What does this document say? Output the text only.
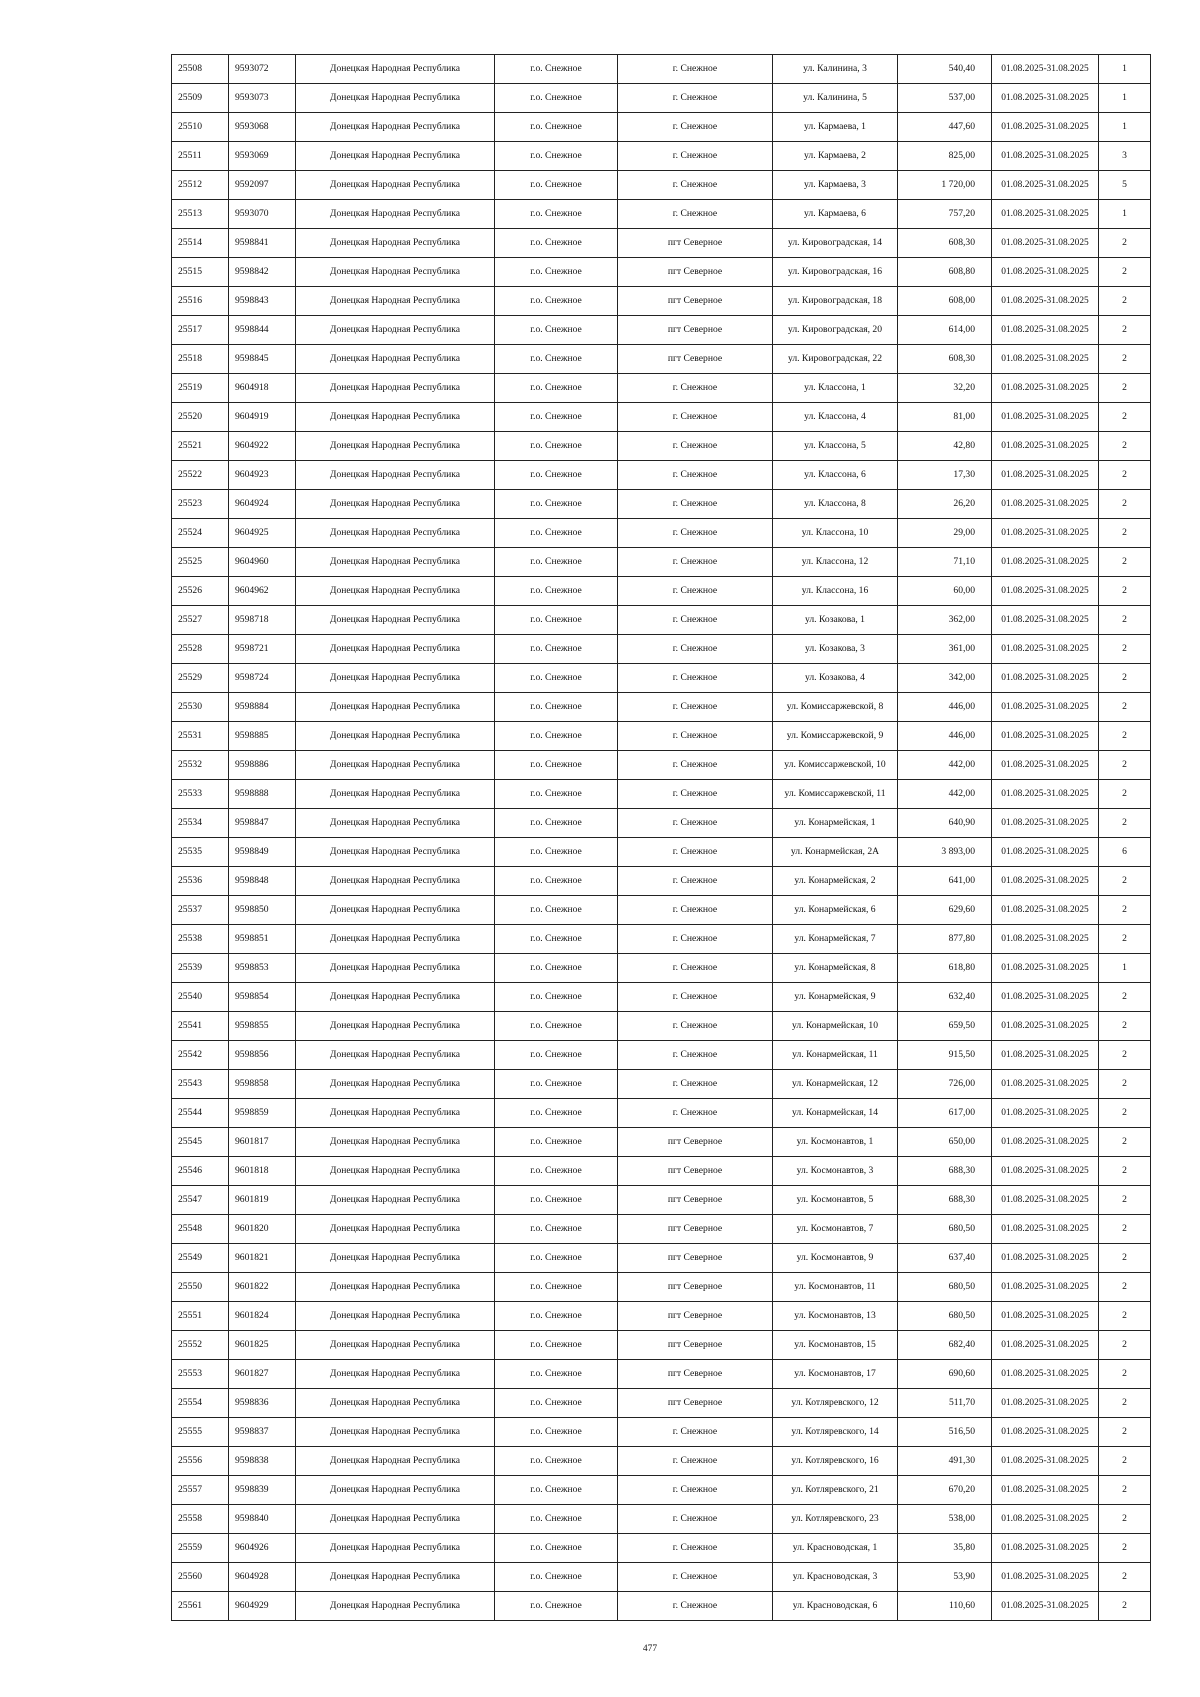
25508	9593072	Донецкая Народная Республика	г.о. Снежное	г. Снежное	ул. Калинина, 3	540,40	01.08.2025-31.08.2025	1
25509	9593073	Донецкая Народная Республика	г.о. Снежное	г. Снежное	ул. Калинина, 5	537,00	01.08.2025-31.08.2025	1
25510	9593068	Донецкая Народная Республика	г.о. Снежное	г. Снежное	ул. Кармаева, 1	447,60	01.08.2025-31.08.2025	1
25511	9593069	Донецкая Народная Республика	г.о. Снежное	г. Снежное	ул. Кармаева, 2	825,00	01.08.2025-31.08.2025	3
25512	9592097	Донецкая Народная Республика	г.о. Снежное	г. Снежное	ул. Кармаева, 3	1 720,00	01.08.2025-31.08.2025	5
25513	9593070	Донецкая Народная Республика	г.о. Снежное	г. Снежное	ул. Кармаева, 6	757,20	01.08.2025-31.08.2025	1
25514	9598841	Донецкая Народная Республика	г.о. Снежное	пгт Северное	ул. Кировоградская, 14	608,30	01.08.2025-31.08.2025	2
25515	9598842	Донецкая Народная Республика	г.о. Снежное	пгт Северное	ул. Кировоградская, 16	608,80	01.08.2025-31.08.2025	2
25516	9598843	Донецкая Народная Республика	г.о. Снежное	пгт Северное	ул. Кировоградская, 18	608,00	01.08.2025-31.08.2025	2
25517	9598844	Донецкая Народная Республика	г.о. Снежное	пгт Северное	ул. Кировоградская, 20	614,00	01.08.2025-31.08.2025	2
25518	9598845	Донецкая Народная Республика	г.о. Снежное	пгт Северное	ул. Кировоградская, 22	608,30	01.08.2025-31.08.2025	2
25519	9604918	Донецкая Народная Республика	г.о. Снежное	г. Снежное	ул. Классона, 1	32,20	01.08.2025-31.08.2025	2
25520	9604919	Донецкая Народная Республика	г.о. Снежное	г. Снежное	ул. Классона, 4	81,00	01.08.2025-31.08.2025	2
25521	9604922	Донецкая Народная Республика	г.о. Снежное	г. Снежное	ул. Классона, 5	42,80	01.08.2025-31.08.2025	2
25522	9604923	Донецкая Народная Республика	г.о. Снежное	г. Снежное	ул. Классона, 6	17,30	01.08.2025-31.08.2025	2
25523	9604924	Донецкая Народная Республика	г.о. Снежное	г. Снежное	ул. Классона, 8	26,20	01.08.2025-31.08.2025	2
25524	9604925	Донецкая Народная Республика	г.о. Снежное	г. Снежное	ул. Классона, 10	29,00	01.08.2025-31.08.2025	2
25525	9604960	Донецкая Народная Республика	г.о. Снежное	г. Снежное	ул. Классона, 12	71,10	01.08.2025-31.08.2025	2
25526	9604962	Донецкая Народная Республика	г.о. Снежное	г. Снежное	ул. Классона, 16	60,00	01.08.2025-31.08.2025	2
25527	9598718	Донецкая Народная Республика	г.о. Снежное	г. Снежное	ул. Козакова, 1	362,00	01.08.2025-31.08.2025	2
25528	9598721	Донецкая Народная Республика	г.о. Снежное	г. Снежное	ул. Козакова, 3	361,00	01.08.2025-31.08.2025	2
25529	9598724	Донецкая Народная Республика	г.о. Снежное	г. Снежное	ул. Козакова, 4	342,00	01.08.2025-31.08.2025	2
25530	9598884	Донецкая Народная Республика	г.о. Снежное	г. Снежное	ул. Комиссаржевской, 8	446,00	01.08.2025-31.08.2025	2
25531	9598885	Донецкая Народная Республика	г.о. Снежное	г. Снежное	ул. Комиссаржевской, 9	446,00	01.08.2025-31.08.2025	2
25532	9598886	Донецкая Народная Республика	г.о. Снежное	г. Снежное	ул. Комиссаржевской, 10	442,00	01.08.2025-31.08.2025	2
25533	9598888	Донецкая Народная Республика	г.о. Снежное	г. Снежное	ул. Комиссаржевской, 11	442,00	01.08.2025-31.08.2025	2
25534	9598847	Донецкая Народная Республика	г.о. Снежное	г. Снежное	ул. Конармейская, 1	640,90	01.08.2025-31.08.2025	2
25535	9598849	Донецкая Народная Республика	г.о. Снежное	г. Снежное	ул. Конармейская, 2А	3 893,00	01.08.2025-31.08.2025	6
25536	9598848	Донецкая Народная Республика	г.о. Снежное	г. Снежное	ул. Конармейская, 2	641,00	01.08.2025-31.08.2025	2
25537	9598850	Донецкая Народная Республика	г.о. Снежное	г. Снежное	ул. Конармейская, 6	629,60	01.08.2025-31.08.2025	2
25538	9598851	Донецкая Народная Республика	г.о. Снежное	г. Снежное	ул. Конармейская, 7	877,80	01.08.2025-31.08.2025	2
25539	9598853	Донецкая Народная Республика	г.о. Снежное	г. Снежное	ул. Конармейская, 8	618,80	01.08.2025-31.08.2025	1
25540	9598854	Донецкая Народная Республика	г.о. Снежное	г. Снежное	ул. Конармейская, 9	632,40	01.08.2025-31.08.2025	2
25541	9598855	Донецкая Народная Республика	г.о. Снежное	г. Снежное	ул. Конармейская, 10	659,50	01.08.2025-31.08.2025	2
25542	9598856	Донецкая Народная Республика	г.о. Снежное	г. Снежное	ул. Конармейская, 11	915,50	01.08.2025-31.08.2025	2
25543	9598858	Донецкая Народная Республика	г.о. Снежное	г. Снежное	ул. Конармейская, 12	726,00	01.08.2025-31.08.2025	2
25544	9598859	Донецкая Народная Республика	г.о. Снежное	г. Снежное	ул. Конармейская, 14	617,00	01.08.2025-31.08.2025	2
25545	9601817	Донецкая Народная Республика	г.о. Снежное	пгт Северное	ул. Космонавтов, 1	650,00	01.08.2025-31.08.2025	2
25546	9601818	Донецкая Народная Республика	г.о. Снежное	пгт Северное	ул. Космонавтов, 3	688,30	01.08.2025-31.08.2025	2
25547	9601819	Донецкая Народная Республика	г.о. Снежное	пгт Северное	ул. Космонавтов, 5	688,30	01.08.2025-31.08.2025	2
25548	9601820	Донецкая Народная Республика	г.о. Снежное	пгт Северное	ул. Космонавтов, 7	680,50	01.08.2025-31.08.2025	2
25549	9601821	Донецкая Народная Республика	г.о. Снежное	пгт Северное	ул. Космонавтов, 9	637,40	01.08.2025-31.08.2025	2
25550	9601822	Донецкая Народная Республика	г.о. Снежное	пгт Северное	ул. Космонавтов, 11	680,50	01.08.2025-31.08.2025	2
25551	9601824	Донецкая Народная Республика	г.о. Снежное	пгт Северное	ул. Космонавтов, 13	680,50	01.08.2025-31.08.2025	2
25552	9601825	Донецкая Народная Республика	г.о. Снежное	пгт Северное	ул. Космонавтов, 15	682,40	01.08.2025-31.08.2025	2
25553	9601827	Донецкая Народная Республика	г.о. Снежное	пгт Северное	ул. Космонавтов, 17	690,60	01.08.2025-31.08.2025	2
25554	9598836	Донецкая Народная Республика	г.о. Снежное	пгт Северное	ул. Котляревского, 12	511,70	01.08.2025-31.08.2025	2
25555	9598837	Донецкая Народная Республика	г.о. Снежное	г. Снежное	ул. Котляревского, 14	516,50	01.08.2025-31.08.2025	2
25556	9598838	Донецкая Народная Республика	г.о. Снежное	г. Снежное	ул. Котляревского, 16	491,30	01.08.2025-31.08.2025	2
25557	9598839	Донецкая Народная Республика	г.о. Снежное	г. Снежное	ул. Котляревского, 21	670,20	01.08.2025-31.08.2025	2
25558	9598840	Донецкая Народная Республика	г.о. Снежное	г. Снежное	ул. Котляревского, 23	538,00	01.08.2025-31.08.2025	2
25559	9604926	Донецкая Народная Республика	г.о. Снежное	г. Снежное	ул. Красноводская, 1	35,80	01.08.2025-31.08.2025	2
25560	9604928	Донецкая Народная Республика	г.о. Снежное	г. Снежное	ул. Красноводская, 3	53,90	01.08.2025-31.08.2025	2
25561	9604929	Донецкая Народная Республика	г.о. Снежное	г. Снежное	ул. Красноводская, 6	110,60	01.08.2025-31.08.2025	2
477
